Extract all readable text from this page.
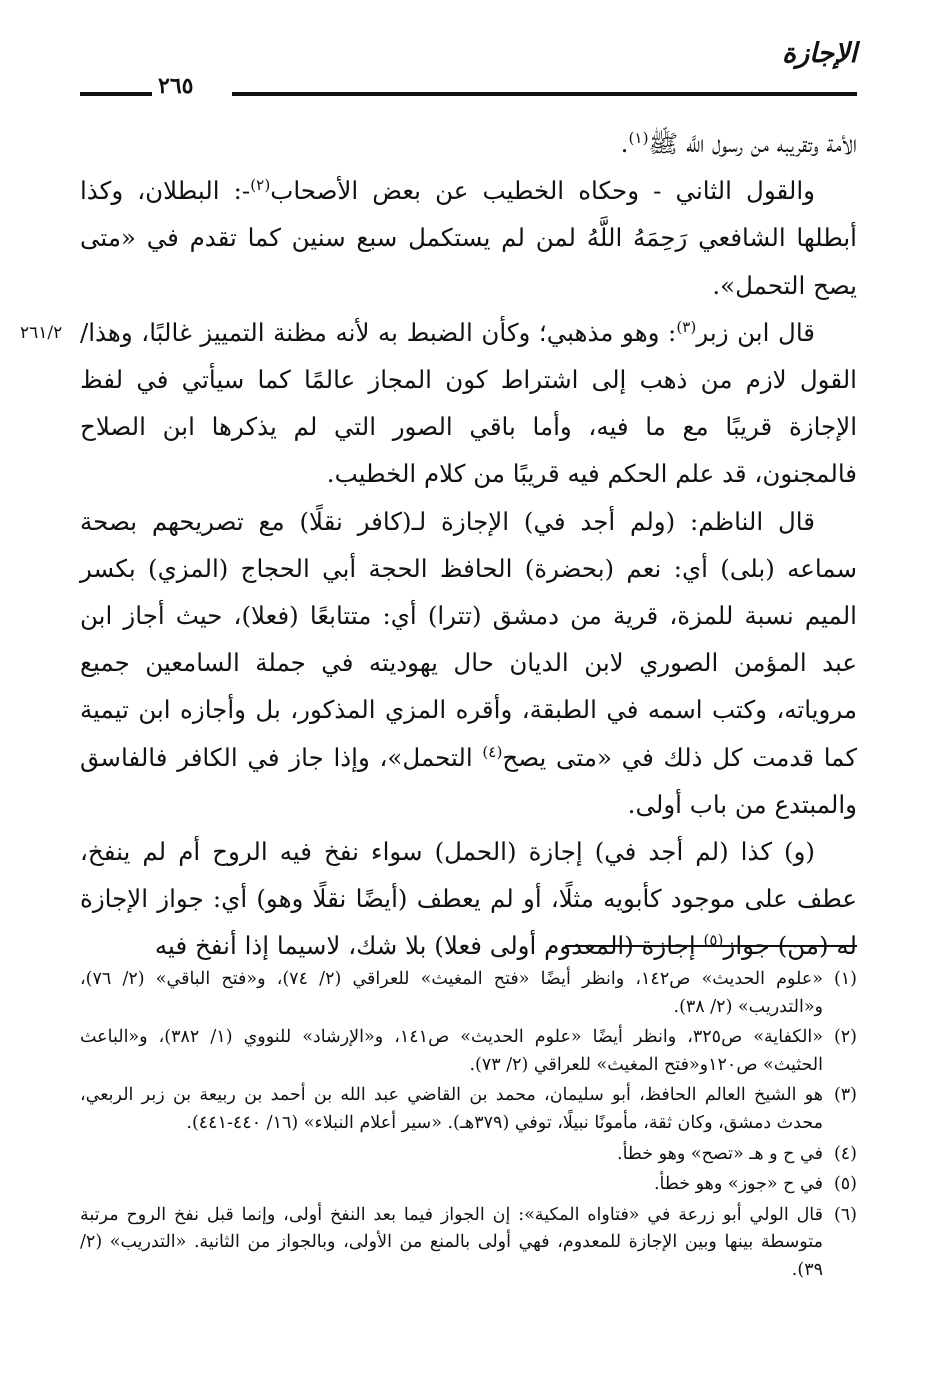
الإجازة
٢٦٥
٢٦١/٢

الأمة وتقريبه من رسول اللَّه ﷺ$^{(١)}$.

والقول الثاني - وحكاه الخطيب عن بعض الأصحاب$^{(٢)}$-: البطلان، وكذا أبطلها الشافعي رَحِمَهُ اللَّهُ لمن لم يستكمل سبع سنين كما تقدم في «متى يصح التحمل».

قال ابن زبر$^{(٣)}$: وهو مذهبي؛ وكأن الضبط به لأنه مظنة التمييز غالبًا، وهذا/ القول لازم من ذهب إلى اشتراط كون المجاز عالمًا كما سيأتي في لفظ الإجازة قريبًا مع ما فيه، وأما باقي الصور التي لم يذكرها ابن الصلاح فالمجنون، قد علم الحكم فيه قريبًا من كلام الخطيب.

قال الناظم: (ولم أجد في) الإجازة لـ(كافر نقلًا) مع تصريحهم بصحة سماعه (بلى) أي: نعم (بحضرة) الحافظ الحجة أبي الحجاج (المزي) بكسر الميم نسبة للمزة، قرية من دمشق (تترا) أي: متتابعًا (فعلا)، حيث أجاز ابن عبد المؤمن الصوري لابن الديان حال يهوديته في جملة السامعين جميع مروياته، وكتب اسمه في الطبقة، وأقره المزي المذكور، بل وأجازه ابن تيمية كما قدمت كل ذلك في «متى يصح$^{(٤)}$ التحمل»، وإذا جاز في الكافر فالفاسق والمبتدع من باب أولى.

(و) كذا (لم أجد في) إجازة (الحمل) سواء نفخ فيه الروح أم لم ينفخ، عطف على موجود كأبويه مثلًا، أو لم يعطف (أيضًا نقلًا وهو) أي: جواز الإجازة له (من) جواز$^{(٥)}$ إجازة (المعدوم أولى فعلا) بلا شك، لاسيما إذا أنفخ فيه

(١)
«علوم الحديث» ص١٤٢، وانظر أيضًا «فتح المغيث» للعراقي (٢/ ٧٤)، و«فتح الباقي» (٢/ ٧٦)، و«التدريب» (٢/ ٣٨).
(٢)
«الكفاية» ص٣٢٥، وانظر أيضًا «علوم الحديث» ص١٤١، و«الإرشاد» للنووي (١/ ٣٨٢)، و«الباعث الحثيث» ص١٢٠و«فتح المغيث» للعراقي (٢/ ٧٣).
(٣)
هو الشيخ العالم الحافظ، أبو سليمان، محمد بن القاضي عبد الله بن أحمد بن ربيعة بن زبر الربعي، محدث دمشق، وكان ثقة، مأمونًا نبيلًا، توفي (٣٧٩هـ). «سير أعلام النبلاء» (١٦/ ٤٤٠-٤٤١).
(٤)
في ح و هـ «تصح» وهو خطأ.
(٥)
في ح «جوز» وهو خطأ.
(٦)
قال الولي أبو زرعة في «فتاواه المكية»: إن الجواز فيما بعد النفخ أولى، وإنما قبل نفخ الروح مرتبة متوسطة بينها وبين الإجازة للمعدوم، فهي أولى بالمنع من الأولى، وبالجواز من الثانية. «التدريب» (٢/ ٣٩).
